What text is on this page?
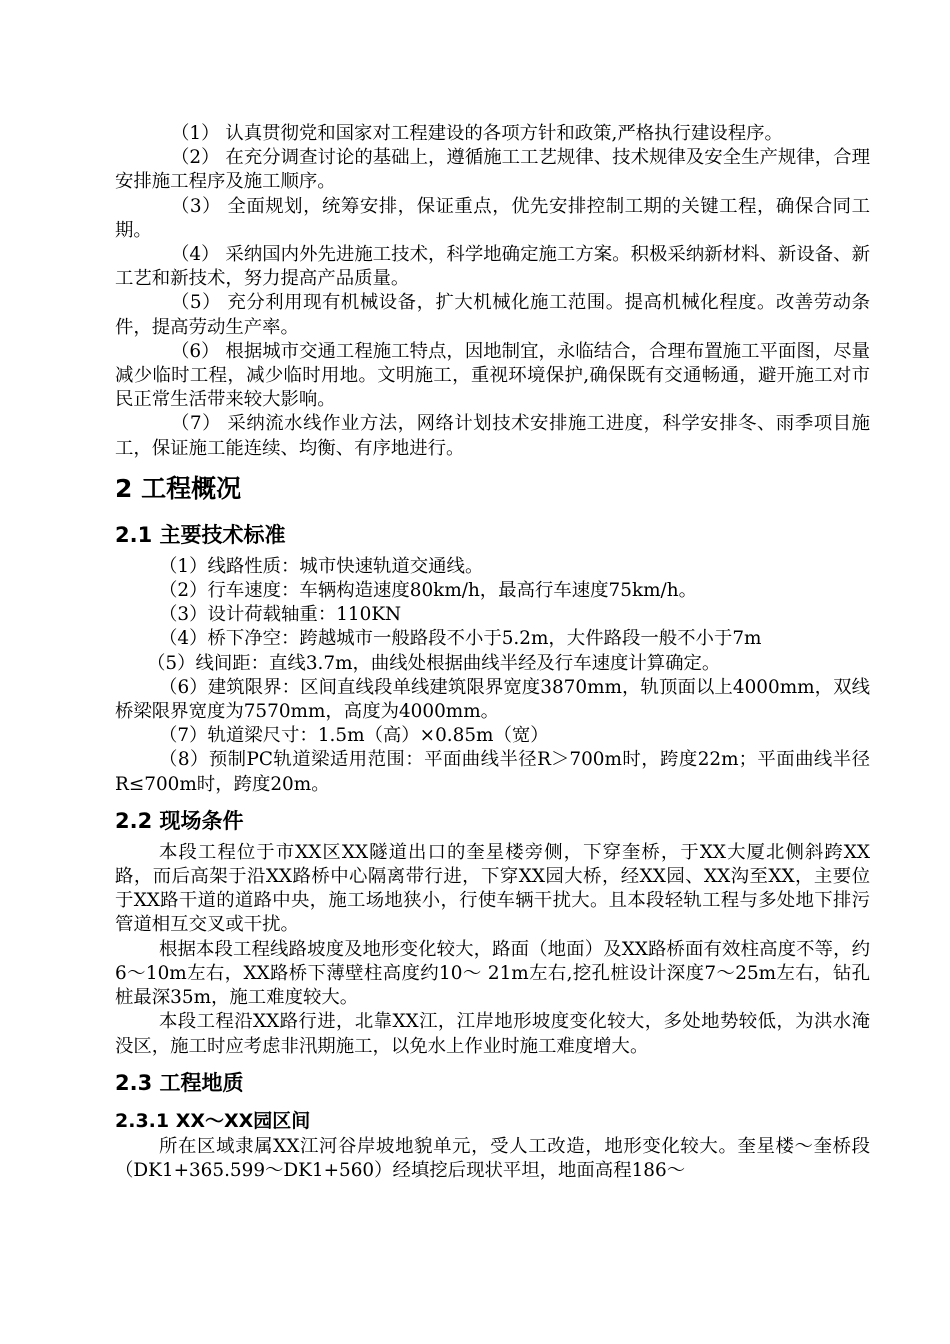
（1） 认真贯彻党和国家对工程建设的各项方针和政策,严格执行建设程序。

（2） 在充分调查讨论的基础上，遵循施工工艺规律、技术规律及安全生产规律，合理安排施工程序及施工顺序。

（3） 全面规划，统筹安排，保证重点，优先安排控制工期的关键工程，确保合同工期。

（4） 采纳国内外先进施工技术，科学地确定施工方案。积极采纳新材料、新设备、新工艺和新技术，努力提高产品质量。

（5） 充分利用现有机械设备，扩大机械化施工范围。提高机械化程度。改善劳动条件，提高劳动生产率。

（6） 根据城市交通工程施工特点，因地制宜，永临结合，合理布置施工平面图，尽量减少临时工程，减少临时用地。文明施工，重视环境保护,确保既有交通畅通，避开施工对市民正常生活带来较大影响。

（7） 采纳流水线作业方法，网络计划技术安排施工进度，科学安排冬、雨季项目施工，保证施工能连续、均衡、有序地进行。

2 工程概况
2.1 主要技术标准

（1）线路性质：城市快速轨道交通线。

（2）行车速度：车辆构造速度80km/h，最高行车速度75km/h。

（3）设计荷载轴重：110KN

（4）桥下净空：跨越城市一般路段不小于5.2m，大件路段一般不小于7m

（5）线间距：直线3.7m，曲线处根据曲线半经及行车速度计算确定。

（6）建筑限界：区间直线段单线建筑限界宽度3870mm，轨顶面以上4000mm，双线桥梁限界宽度为7570mm，高度为4000mm。

（7）轨道梁尺寸：1.5m（高）×0.85m（宽）

（8）预制PC轨道梁适用范围：平面曲线半径R＞700m时，跨度22m；平面曲线半径R≤700m时，跨度20m。

2.2 现场条件

本段工程位于市XX区XX隧道出口的奎星楼旁侧，下穿奎桥，于XX大厦北侧斜跨XX路，而后高架于沿XX路桥中心隔离带行进，下穿XX园大桥，经XX园、XX沟至XX，主要位于XX路干道的道路中央，施工场地狭小，行使车辆干扰大。且本段轻轨工程与多处地下排污管道相互交叉或干扰。

根据本段工程线路坡度及地形变化较大，路面（地面）及XX路桥面有效柱高度不等，约6～10m左右，XX路桥下薄壁柱高度约10～ 21m左右,挖孔桩设计深度7～25m左右，钻孔桩最深35m，施工难度较大。

本段工程沿XX路行进，北靠XX江，江岸地形坡度变化较大，多处地势较低，为洪水淹没区，施工时应考虑非汛期施工，以免水上作业时施工难度增大。

2.3 工程地质
2.3.1 XX～XX园区间

所在区域隶属XX江河谷岸坡地貌单元，受人工改造，地形变化较大。奎星楼～奎桥段（DK1+365.599～DK1+560）经填挖后现状平坦，地面高程186～
